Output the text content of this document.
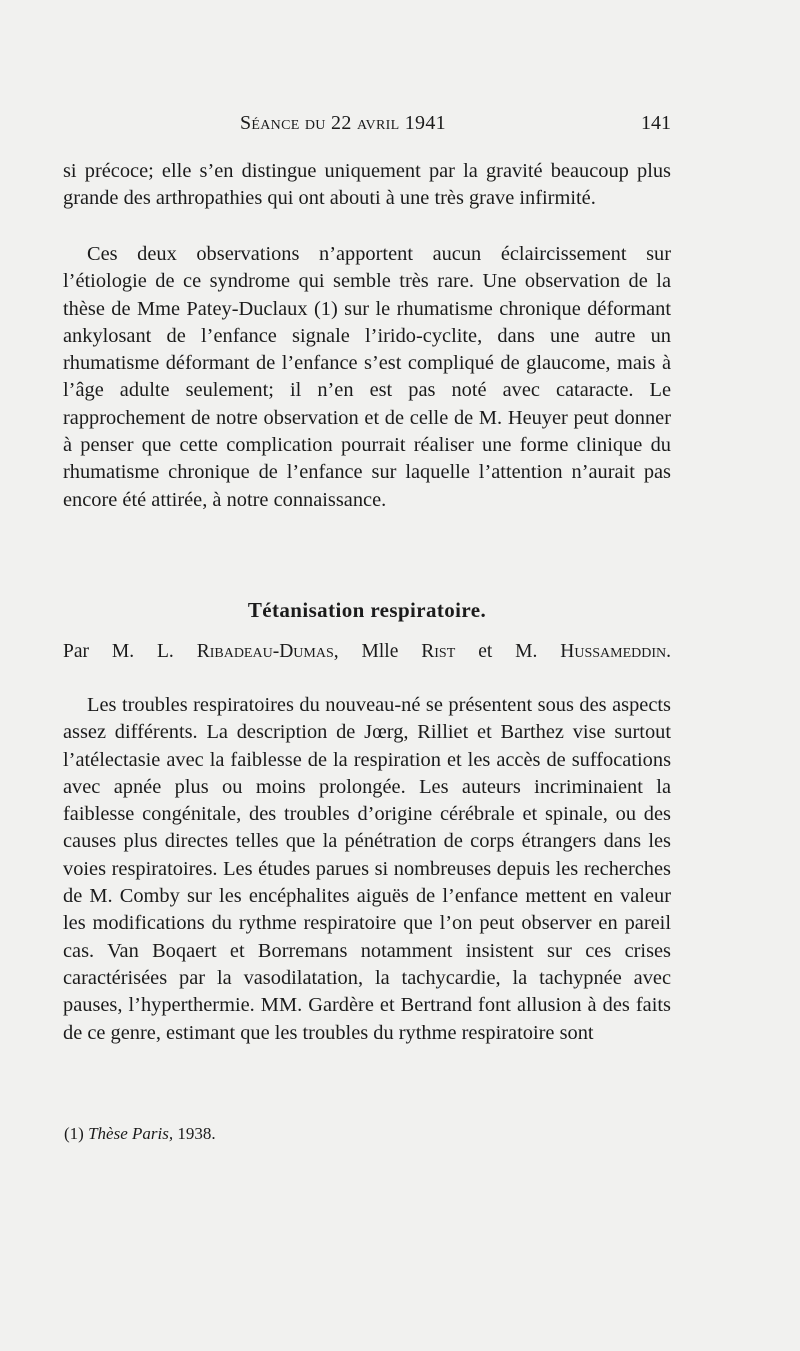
Séance du 22 avril 1941	141

si précoce; elle s’en distingue uniquement par la gravité beaucoup plus grande des arthropathies qui ont abouti à une très grave infirmité.

Ces deux observations n’apportent aucun éclaircissement sur l’étiologie de ce syndrome qui semble très rare. Une observation de la thèse de Mme Patey-Duclaux (1) sur le rhumatisme chronique déformant ankylosant de l’enfance signale l’irido-cyclite, dans une autre un rhumatisme déformant de l’enfance s’est compliqué de glaucome, mais à l’âge adulte seulement; il n’en est pas noté avec cataracte. Le rapprochement de notre observation et de celle de M. Heuyer peut donner à penser que cette complication pourrait réaliser une forme clinique du rhumatisme chronique de l’enfance sur laquelle l’attention n’aurait pas encore été attirée, à notre connaissance.

Tétanisation respiratoire.

Par M. L. Ribadeau-Dumas, Mlle Rist et M. Hussameddin.

Les troubles respiratoires du nouveau-né se présentent sous des aspects assez différents. La description de Jœrg, Rilliet et Barthez vise surtout l’atélectasie avec la faiblesse de la respiration et les accès de suffocations avec apnée plus ou moins prolongée. Les auteurs incriminaient la faiblesse congénitale, des troubles d’origine cérébrale et spinale, ou des causes plus directes telles que la pénétration de corps étrangers dans les voies respiratoires. Les études parues si nombreuses depuis les recherches de M. Comby sur les encéphalites aiguës de l’enfance mettent en valeur les modifications du rythme respiratoire que l’on peut observer en pareil cas. Van Boqaert et Borremans notamment insistent sur ces crises caractérisées par la vasodilatation, la tachycardie, la tachypnée avec pauses, l’hyperthermie. MM. Gardère et Bertrand font allusion à des faits de ce genre, estimant que les troubles du rythme respiratoire sont

(1) Thèse Paris, 1938.
